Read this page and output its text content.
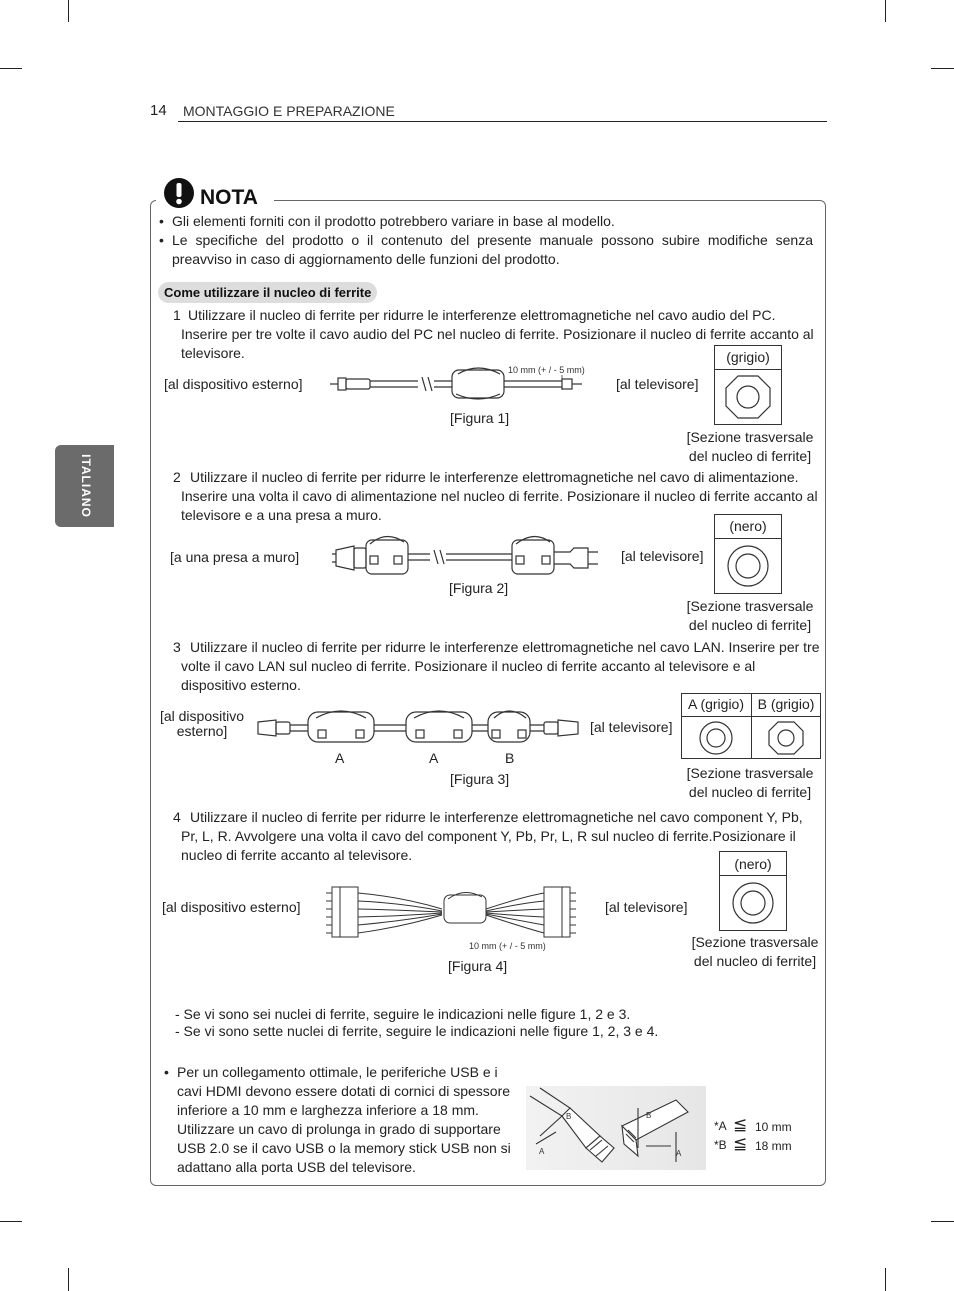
14 MONTAGGIO E PREPARAZIONE
ITALIANO
NOTA
• Gli elementi forniti con il prodotto potrebbero variare in base al modello.
• Le specifiche del prodotto o il contenuto del presente manuale possono subire modifiche senza preavviso in caso di aggiornamento delle funzioni del prodotto.
Come utilizzare il nucleo di ferrite
1 Utilizzare il nucleo di ferrite per ridurre le interferenze elettromagnetiche nel cavo audio del PC. Inserire per tre volte il cavo audio del PC nel nucleo di ferrite. Posizionare il nucleo di ferrite accanto al televisore.
[al dispositivo esterno]
10 mm (+ / - 5 mm)
[al televisore]
[Figura 1]
(grigio)
[Sezione trasversale del nucleo di ferrite]
2 Utilizzare il nucleo di ferrite per ridurre le interferenze elettromagnetiche nel cavo di alimentazione. Inserire una volta il cavo di alimentazione nel nucleo di ferrite. Posizionare il nucleo di ferrite accanto al televisore e a una presa a muro.
[a una presa a muro]	[al televisore]
[Figura 2]
(nero)
[Sezione trasversale del nucleo di ferrite]
3 Utilizzare il nucleo di ferrite per ridurre le interferenze elettromagnetiche nel cavo LAN. Inserire per tre volte il cavo LAN sul nucleo di ferrite. Posizionare il nucleo di ferrite accanto al televisore e al dispositivo esterno.
[al dispositivo esterno]
A	A	B
[al televisore]
[Figura 3]
A (grigio) B (grigio)
[Sezione trasversale del nucleo di ferrite]
4 Utilizzare il nucleo di ferrite per ridurre le interferenze elettromagnetiche nel cavo component Y, Pb, Pr, L, R. Avvolgere una volta il cavo del component Y, Pb, Pr, L, R sul nucleo di ferrite.Posizionare il nucleo di ferrite accanto al televisore.
[al dispositivo esterno]
10 mm (+ / - 5 mm)
[al televisore]
[Figura 4]
(nero)
[Sezione trasversale del nucleo di ferrite]
- Se vi sono sei nuclei di ferrite, seguire le indicazioni nelle figure 1, 2 e 3.
- Se vi sono sette nuclei di ferrite, seguire le indicazioni nelle figure 1, 2, 3 e 4.
• Per un collegamento ottimale, le periferiche USB e i cavi HDMI devono essere dotati di cornici di spessore inferiore a 10 mm e larghezza inferiore a 18 mm. Utilizzare un cavo di prolunga in grado di supportare USB 2.0 se il cavo USB o la memory stick USB non si adattano alla porta USB del televisore.
B
A
B
A
*A ≦ 10 mm
*B ≦ 18 mm
